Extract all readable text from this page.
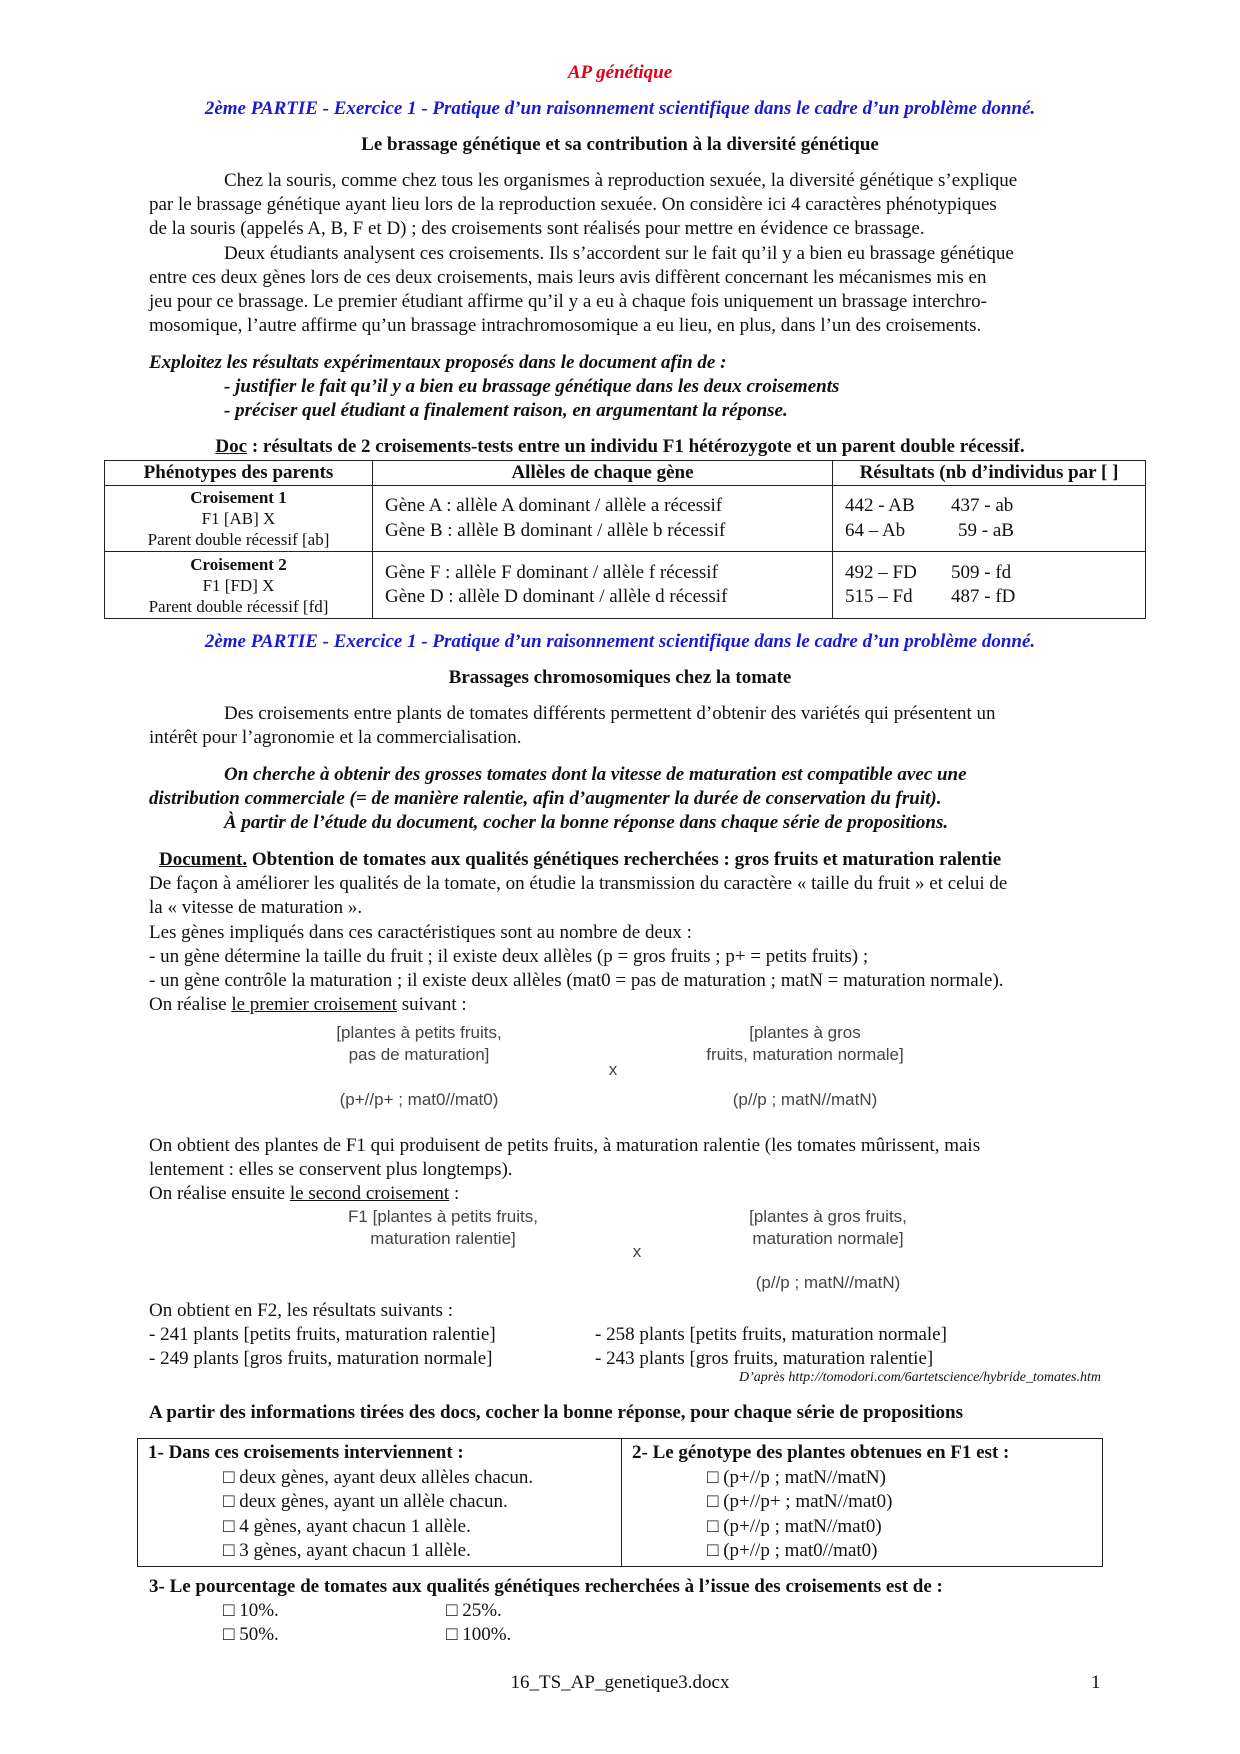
AP génétique
2ème PARTIE - Exercice 1 - Pratique d’un raisonnement scientifique dans le cadre d’un problème donné.
Le brassage génétique et sa contribution à la diversité génétique
Chez la souris, comme chez tous les organismes à reproduction sexuée, la diversité génétique s’explique
par le brassage génétique ayant lieu lors de la reproduction sexuée. On considère ici 4 caractères phénotypiques
de la souris (appelés A, B, F et D) ; des croisements sont réalisés pour mettre en évidence ce brassage.
Deux étudiants analysent ces croisements. Ils s’accordent sur le fait qu’il y a bien eu brassage génétique
entre ces deux gènes lors de ces deux croisements, mais leurs avis diffèrent concernant les mécanismes mis en
jeu pour ce brassage. Le premier étudiant affirme qu’il y a eu à chaque fois uniquement un brassage interchro-
mosomique, l’autre affirme qu’un brassage intrachromosomique a eu lieu, en plus, dans l’un des croisements.
Exploitez les résultats expérimentaux proposés dans le document afin de :
- justifier le fait qu’il y a bien eu brassage génétique dans les deux croisements
- préciser quel étudiant a finalement raison, en argumentant la réponse.
Doc : résultats de 2 croisements-tests entre un individu F1 hétérozygote et un parent double récessif.
Phénotypes des parents	Allèles de chaque gène	Résultats (nb d’individus par [ ]

Croisement 1
F1 [AB] X
Parent double récessif [ab]	Gène A : allèle A dominant / allèle a récessif
Gène B : allèle B dominant / allèle b récessif	442 - AB 437 - ab
64 – Ab 59 - aB

Croisement 2
F1 [FD] X
Parent double récessif [fd]	Gène F : allèle F dominant / allèle f récessif
Gène D : allèle D dominant / allèle d récessif	492 – FD 509 - fd
515 – Fd 487 - fD
2ème PARTIE - Exercice 1 - Pratique d’un raisonnement scientifique dans le cadre d’un problème donné.
Brassages chromosomiques chez la tomate
Des croisements entre plants de tomates différents permettent d’obtenir des variétés qui présentent un
intérêt pour l’agronomie et la commercialisation.
On cherche à obtenir des grosses tomates dont la vitesse de maturation est compatible avec une
distribution commerciale (= de manière ralentie, afin d’augmenter la durée de conservation du fruit).
À partir de l’étude du document, cocher la bonne réponse dans chaque série de propositions.
Document. Obtention de tomates aux qualités génétiques recherchées : gros fruits et maturation ralentie
De façon à améliorer les qualités de la tomate, on étudie la transmission du caractère « taille du fruit » et celui de
la « vitesse de maturation ».
Les gènes impliqués dans ces caractéristiques sont au nombre de deux :
- un gène détermine la taille du fruit ; il existe deux allèles (p = gros fruits ; p+ = petits fruits) ;
- un gène contrôle la maturation ; il existe deux allèles (mat0 = pas de maturation ; matN = maturation normale).
On réalise le premier croisement suivant :
[plantes à petits fruits,
pas de maturation]
(p+//p+ ; mat0//mat0)
x
[plantes à gros
fruits, maturation normale]
(p//p ; matN//matN)
On obtient des plantes de F1 qui produisent de petits fruits, à maturation ralentie (les tomates mûrissent, mais
lentement : elles se conservent plus longtemps).
On réalise ensuite le second croisement :
F1 [plantes à petits fruits,
maturation ralentie]
x
[plantes à gros fruits,
maturation normale]
(p//p ; matN//matN)
On obtient en F2, les résultats suivants :
- 241 plants [petits fruits, maturation ralentie]	- 258 plants [petits fruits, maturation normale]
- 249 plants [gros fruits, maturation normale]	- 243 plants [gros fruits, maturation ralentie]
D’après http://tomodori.com/6artetscience/hybride_tomates.htm
A partir des informations tirées des docs, cocher la bonne réponse, pour chaque série de propositions
1- Dans ces croisements interviennent :
□ deux gènes, ayant deux allèles chacun.
□ deux gènes, ayant un allèle chacun.
□ 4 gènes, ayant chacun 1 allèle.
□ 3 gènes, ayant chacun 1 allèle.

2- Le génotype des plantes obtenues en F1 est :
□ (p+//p ; matN//matN)
□ (p+//p+ ; matN//mat0)
□ (p+//p ; matN//mat0)
□ (p+//p ; mat0//mat0)
3- Le pourcentage de tomates aux qualités génétiques recherchées à l’issue des croisements est de :
□ 10%.	□ 25%.
□ 50%.	□ 100%.
16_TS_AP_genetique3.docx	1
